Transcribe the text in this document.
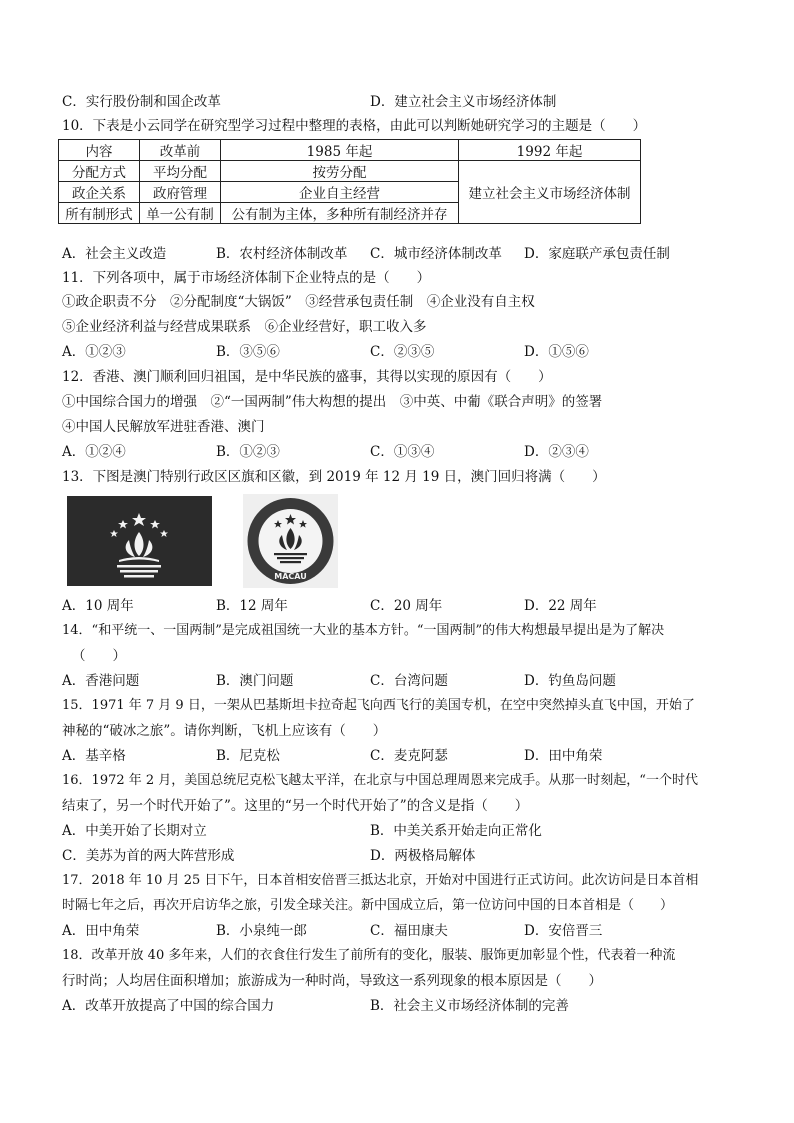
C．实行股份制和国企改革	D．建立社会主义市场经济体制
10．下表是小云同学在研究型学习过程中整理的表格，由此可以判断她研究学习的主题是（　　）
内容	改革前	1985 年起	1992 年起
分配方式	平均分配	按劳分配	建立社会主义市场经济体制
政企关系	政府管理	企业自主经营	
所有制形式	单一公有制	公有制为主体，多种所有制经济并存	
A．社会主义改造	B．农村经济体制改革 C．城市经济体制改革 D．家庭联产承包责任制
11．下列各项中，属于市场经济体制下企业特点的是（　　）
①政企职责不分　②分配制度“大锅饭”　③经营承包责任制　④企业没有自主权
⑤企业经济利益与经营成果联系　⑥企业经营好，职工收入多
A．①②③	B．③⑤⑥	C．②③⑤	D．①⑤⑥
12．香港、澳门顺利回归祖国，是中华民族的盛事，其得以实现的原因有（　　）
①中国综合国力的增强　②“一国两制”伟大构想的提出　③中英、中葡《联合声明》的签署
④中国人民解放军进驻香港、澳门
A．①②④	B．①②③	C．①③④	D．②③④
13．下图是澳门特别行政区区旗和区徽，到 2019 年 12 月 19 日，澳门回归将满（　　）
MACAU
A．10 周年	B．12 周年	C．20 周年	D．22 周年
14．“和平统一、一国两制”是完成祖国统一大业的基本方针。“一国两制”的伟大构想最早提出是为了解决
（　　）
A．香港问题	B．澳门问题	C．台湾问题	D．钓鱼岛问题
15．1971 年 7 月 9 日，一架从巴基斯坦卡拉奇起飞向西飞行的美国专机，在空中突然掉头直飞中国，开始了
神秘的“破冰之旅”。请你判断，飞机上应该有（　　）
A．基辛格	B．尼克松	C．麦克阿瑟	D．田中角荣
16．1972 年 2 月，美国总统尼克松飞越太平洋，在北京与中国总理周恩来完成手。从那一时刻起，“一个时代
结束了，另一个时代开始了”。这里的“另一个时代开始了”的含义是指（　　）
A．中美开始了长期对立	B．中美关系开始走向正常化
C．美苏为首的两大阵营形成	D．两极格局解体
17．2018 年 10 月 25 日下午，日本首相安倍晋三抵达北京，开始对中国进行正式访问。此次访问是日本首相
时隔七年之后，再次开启访华之旅，引发全球关注。新中国成立后，第一位访问中国的日本首相是（　　）
A．田中角荣	B．小泉纯一郎	C．福田康夫	D．安倍晋三
18．改革开放 40 多年来，人们的衣食住行发生了前所有的变化，服装、服饰更加彰显个性，代表着一种流
行时尚；人均居住面积增加；旅游成为一种时尚，导致这一系列现象的根本原因是（　　）
A．改革开放提高了中国的综合国力	B．社会主义市场经济体制的完善
